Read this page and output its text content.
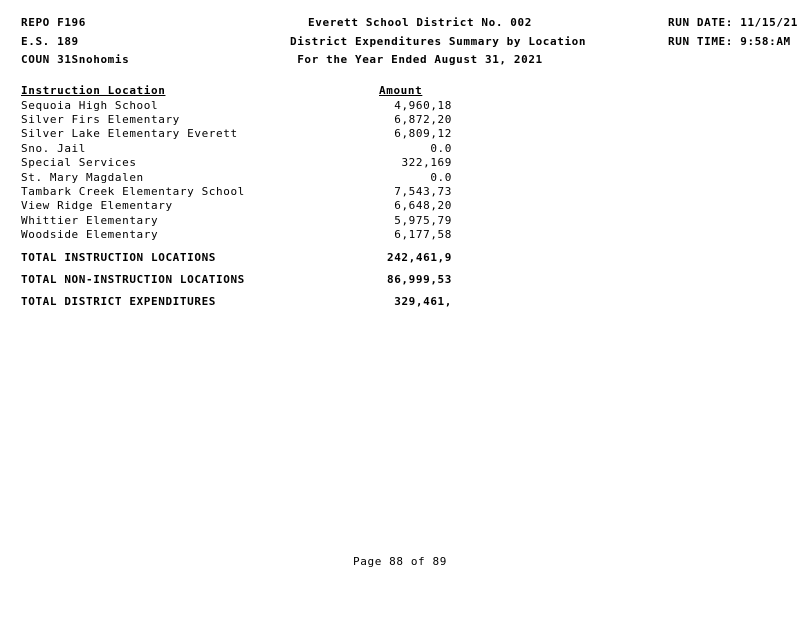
REPO F196
E.S. 189
COUN 31Snohomis
Everett School District No. 002
District Expenditures Summary by Location
For the Year Ended August 31, 2021
RUN DATE: 11/15/21
RUN TIME: 9:58:AM
Instruction Location	Amount
Sequoia High School	4,960,18
Silver Firs Elementary	6,872,20
Silver Lake Elementary Everett	6,809,12
Sno. Jail	0.0
Special Services	322,169
St. Mary Magdalen	0.0
Tambark Creek Elementary School	7,543,73
View Ridge Elementary	6,648,20
Whittier Elementary	5,975,79
Woodside Elementary	6,177,58
TOTAL INSTRUCTION LOCATIONS	242,461,9
TOTAL NON-INSTRUCTION LOCATIONS	86,999,53
TOTAL DISTRICT EXPENDITURES	329,461,
Page 88 of 89
